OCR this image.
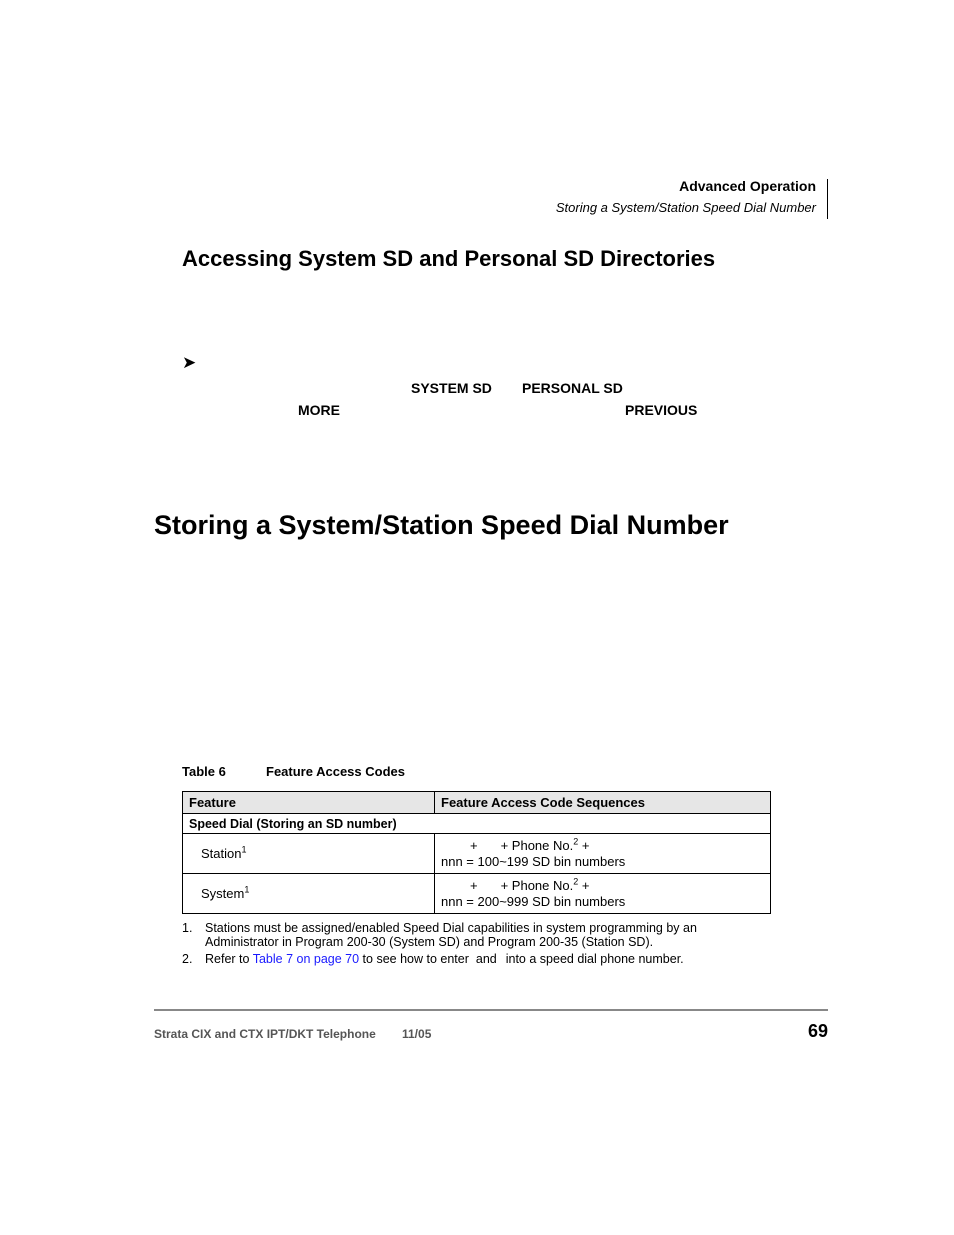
Advanced Operation
Storing a System/Station Speed Dial Number
Accessing System SD and Personal SD Directories
➤
SYSTEM SD PERSONAL SD
MORE	PREVIOUS
Storing a System/Station Speed Dial Number
Table 6	Feature Access Codes
Feature	Feature Access Code Sequences
Speed Dial (Storing an SD number)	
Station$^1$	+ + Phone No.$^2$ +
nnn = 100~199 SD bin numbers
System$^1$	+ + Phone No.$^2$ +
nnn = 200~999 SD bin numbers
1. Stations must be assigned/enabled Speed Dial capabilities in system programming by an
Administrator in Program 200-30 (System SD) and Program 200-35 (Station SD).
2. Refer to Table 7 on page 70 to see how to enter and into a speed dial phone number.
Strata CIX and CTX IPT/DKT Telephone 11/05	69
